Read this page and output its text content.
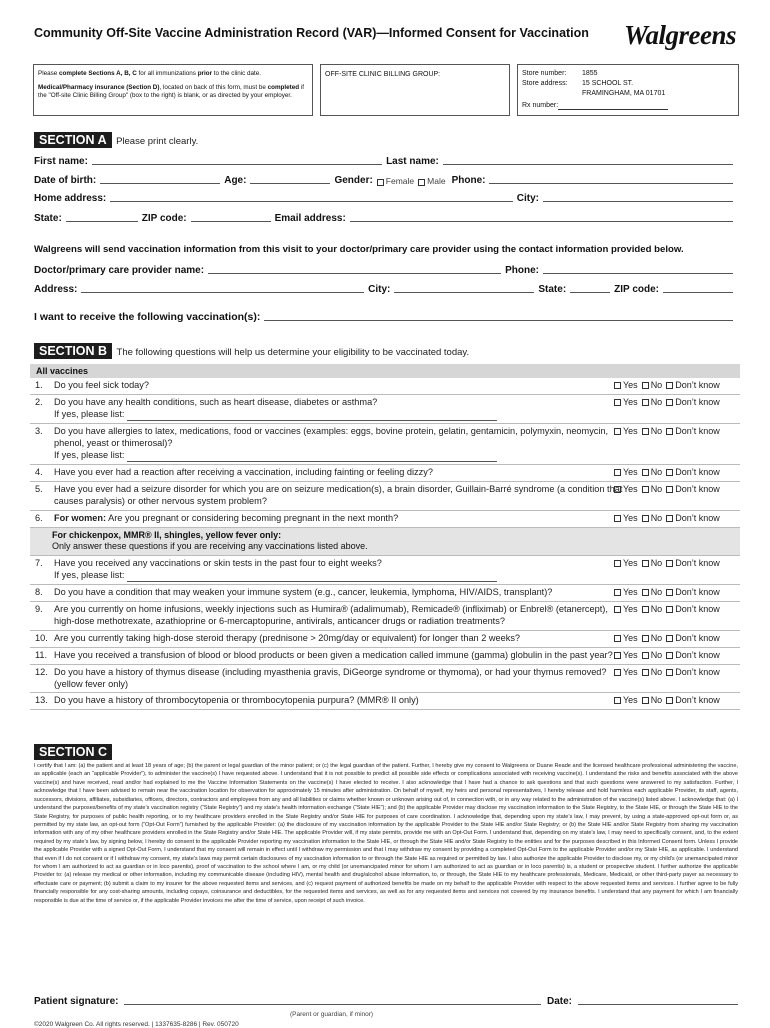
Community Off-Site Vaccine Administration Record (VAR)—Informed Consent for Vaccination Walgreens
Please complete Sections A, B, C for all immunizations prior to the clinic date.
Medical/Pharmacy insurance (Section D), located on back of this form, must be completed if the "Off-site Clinic Billing Group" (box to the right) is blank, or as directed by your employer.
OFF-SITE CLINIC BILLING GROUP:	Store number:	1855
Store address:	15 SCHOOL ST.
FRAMINGHAM, MA 01701
Rx number:
SECTION A Please print clearly.
First name:	Last name:
Date of birth:	Age:	Gender: Female Male Phone:
Home address:	City:
State:	ZIP code:	Email address:
Walgreens will send vaccination information from this visit to your doctor/primary care provider using the contact information provided below.
Doctor/primary care provider name:	Phone:
Address:	City:	State:	ZIP code:
I want to receive the following vaccination(s):
SECTION B The following questions will help us determine your eligibility to be vaccinated today.
All vaccines
1.	Do you feel sick today?	Yes No Don’t know
2.	Do you have any health conditions, such as heart disease, diabetes or asthma?
If yes, please list:
Yes No Don’t know
3.	Do you have allergies to latex, medications, food or vaccines (examples: eggs, bovine protein, gelatin, gentamicin, polymyxin, neomycin, phenol, yeast or thimerosal)?
If yes, please list:
Yes No Don’t know
4.	Have you ever had a reaction after receiving a vaccination, including fainting or feeling dizzy?	Yes No Don’t know
5.	Have you ever had a seizure disorder for which you are on seizure medication(s), a brain disorder, Guillain-Barré syndrome (a condition that causes paralysis) or other nervous system problem?
Yes No Don’t know
6.	For women: Are you pregnant or considering becoming pregnant in the next month?	Yes No Don’t know
For chickenpox, MMR® II, shingles, yellow fever only:
Only answer these questions if you are receiving any vaccinations listed above.
7.	Have you received any vaccinations or skin tests in the past four to eight weeks?
If yes, please list:
Yes No Don’t know
8.	Do you have a condition that may weaken your immune system (e.g., cancer, leukemia, lymphoma, HIV/AIDS, transplant)?	Yes No Don’t know
9.	Are you currently on home infusions, weekly injections such as Humira® (adalimumab), Remicade® (infliximab) or Enbrel® (etanercept), high-dose methotrexate, azathioprine or 6-mercaptopurine, antivirals, anticancer drugs or radiation treatments?
Yes No Don’t know
10. Are you currently taking high-dose steroid therapy (prednisone > 20mg/day or equivalent) for longer than 2 weeks?	Yes No Don’t know
11. Have you received a transfusion of blood or blood products or been given a medication called immune (gamma) globulin in the past year?	Yes No Don’t know
12. Do you have a history of thymus disease (including myasthenia gravis, DiGeorge syndrome or thymoma), or had your thymus removed? (yellow fever only)
Yes No Don’t know
13. Do you have a history of thrombocytopenia or thrombocytopenia purpura? (MMR® II only)	Yes No Don’t know
SECTION C
I certify that I am: (a) the patient and at least 18 years of age; (b) the parent or legal guardian of the minor patient; or (c) the legal guardian of the patient. Further, I hereby give my consent to Walgreens or Duane Reade and the licensed healthcare professional administering the vaccine, as applicable (each an “applicable Provider”), to administer the vaccine(s) I have requested above. I understand that it is not possible to predict all possible side effects or complications associated with receiving vaccine(s). I understand the risks and benefits associated with the above vaccine(s) and have received, read and/or had explained to me the Vaccine Information Statements on the vaccine(s) I have elected to receive. I also acknowledge that I have had a chance to ask questions and that such questions were answered to my satisfaction. Further, I acknowledge that I have been advised to remain near the vaccination location for observation for approximately 15 minutes after administration. On behalf of myself, my heirs and personal representatives, I hereby release and hold harmless each applicable Provider, its staff, agents, successors, divisions, affiliates, subsidiaries, officers, directors, contractors and employees from any and all liabilities or claims whether known or unknown arising out of, in connection with, or in any way related to the administration of the vaccine(s) listed above. I acknowledge that: (a) I understand the purposes/benefits of my state’s vaccination registry (“State Registry”) and my state’s health information exchange (“State HIE”); and (b) the applicable Provider may disclose my vaccination information to the State Registry, to the State HIE, or through the State HIE to the State Registry, for purposes of public health reporting, or to my healthcare providers enrolled in the State Registry and/or State HIE for purposes of care coordination. I acknowledge that, depending upon my state’s law, I may prevent, by using a state-approved opt-out form or, as permitted by my state law, an opt-out form (“Opt-Out Form”) furnished by the applicable Provider: (a) the disclosure of my vaccination information by the applicable Provider to the State HIE and/or State Registry; or (b) the State HIE and/or State Registry from sharing my vaccination information with any of my other healthcare providers enrolled in the State Registry and/or State HIE. The applicable Provider will, if my state permits, provide me with an Opt-Out Form. I understand that, depending on my state’s law, I may need to specifically consent, and, to the extent required by my state’s law, by signing below, I hereby do consent to the applicable Provider reporting my vaccination information to the State HIE, or through the State HIE and/or State Registry to the entities and for the purposes described in this Informed Consent form. Unless I provide the applicable Provider with a signed Opt-Out Form, I understand that my consent will remain in effect until I withdraw my permission and that I may withdraw my consent by providing a completed Opt-Out Form to the applicable Provider and/or my State HIE, as applicable. I understand that even if I do not consent or if I withdraw my consent, my state’s laws may permit certain disclosures of my vaccination information to or through the State HIE as required or permitted by law. I also authorize the applicable Provider to disclose my, or my child’s (or unemancipated minor for whom I am authorized to act as guardian or in loco parentis), proof of vaccination to the school where I am, or my child (or unemancipated minor for whom I am authorized to act as guardian or in loco parentis) is, a student or prospective student. I further authorize the applicable Provider to: (a) release my medical or other information, including my communicable disease (including HIV), mental health and drug/alcohol abuse information, to, or through, the State HIE to my healthcare professionals, Medicare, Medicaid, or other third-party payer as necessary to effectuate care or payment; (b) submit a claim to my insurer for the above requested items and services, and (c) request payment of authorized benefits be made on my behalf to the applicable Provider with respect to the above requested items and services. I further agree to be fully financially responsible for any cost-sharing amounts, including copays, coinsurance and deductibles, for the requested items and services, as well as for any requested items and services not covered by my insurance benefits. I understand that any payment for which I am financially responsible is due at the time of service or, if the applicable Provider invoices me after the time of service, upon receipt of such invoice.
Patient signature:	Date:
(Parent or guardian, if minor)
©2020 Walgreen Co. All rights reserved. | 1337635-8286 | Rev. 050720
